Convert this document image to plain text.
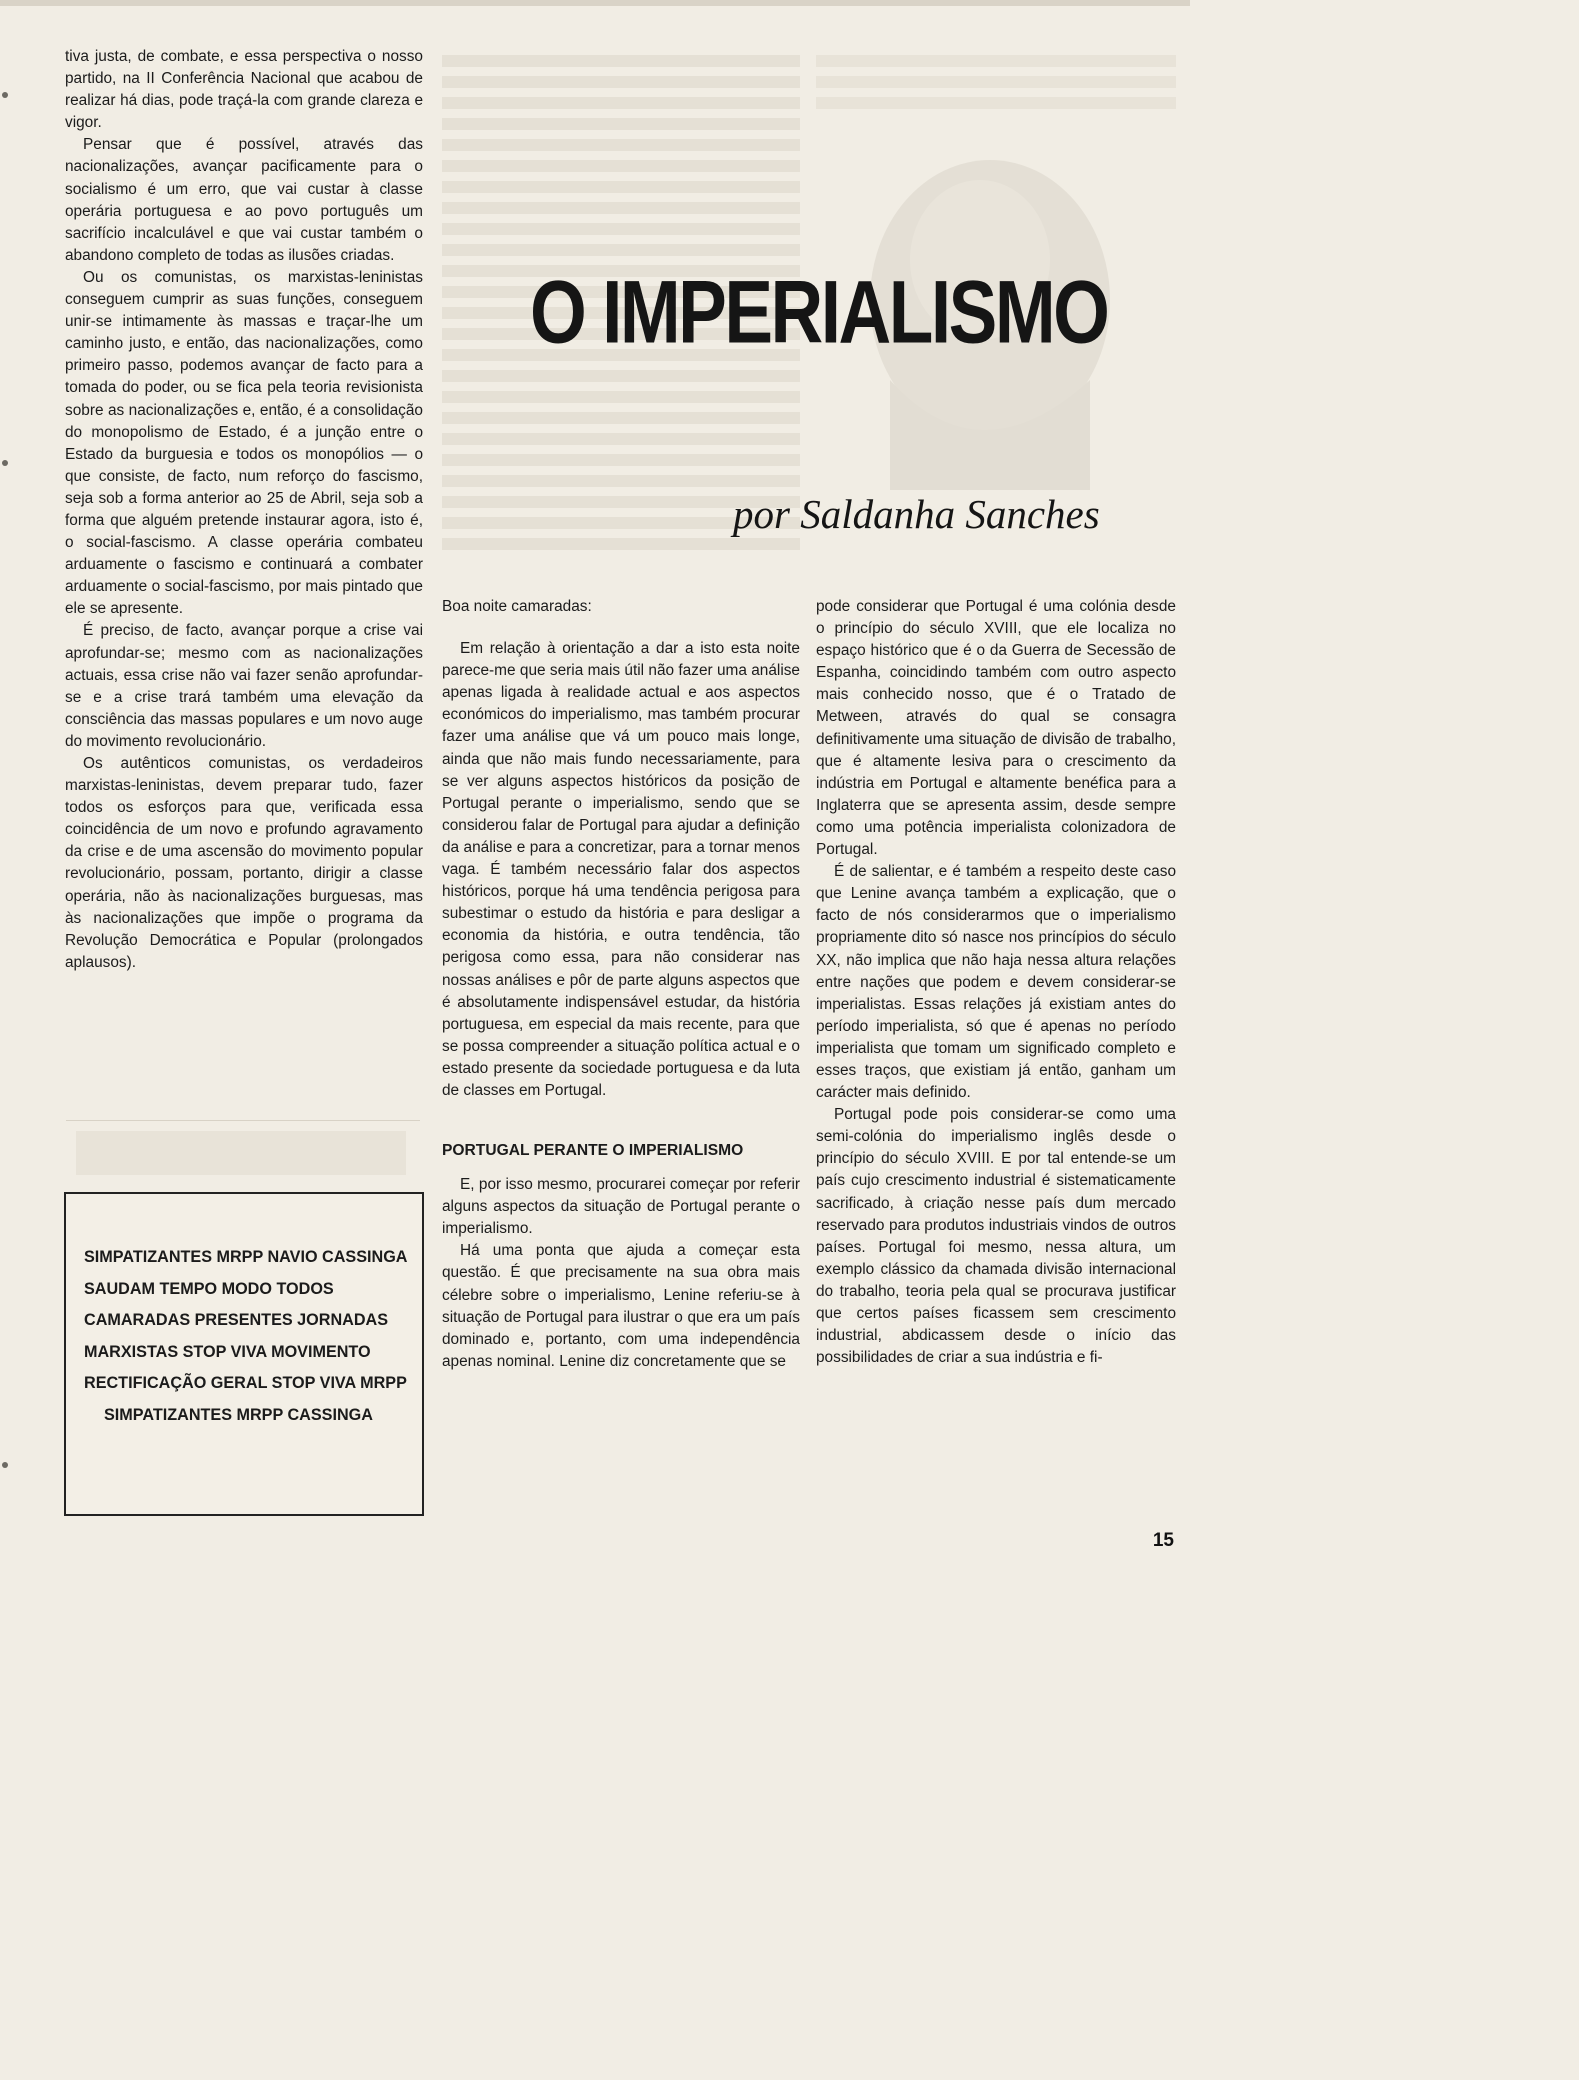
tiva justa, de combate, e essa perspectiva o nosso partido, na II Conferência Nacional que acabou de realizar há dias, pode traçá-la com grande clareza e vigor.

Pensar que é possível, através das nacionalizações, avançar pacificamente para o socialismo é um erro, que vai custar à classe operária portuguesa e ao povo português um sacrifício incalculável e que vai custar também o abandono completo de todas as ilusões criadas.

Ou os comunistas, os marxistas-leninistas conseguem cumprir as suas funções, conseguem unir-se intimamente às massas e traçar-lhe um caminho justo, e então, das nacionalizações, como primeiro passo, podemos avançar de facto para a tomada do poder, ou se fica pela teoria revisionista sobre as nacionalizações e, então, é a consolidação do monopolismo de Estado, é a junção entre o Estado da burguesia e todos os monopólios — o que consiste, de facto, num reforço do fascismo, seja sob a forma anterior ao 25 de Abril, seja sob a forma que alguém pretende instaurar agora, isto é, o social-fascismo. A classe operária combateu arduamente o fascismo e continuará a combater arduamente o social-fascismo, por mais pintado que ele se apresente.

É preciso, de facto, avançar porque a crise vai aprofundar-se; mesmo com as nacionalizações actuais, essa crise não vai fazer senão aprofundar-se e a crise trará também uma elevação da consciência das massas populares e um novo auge do movimento revolucionário.

Os autênticos comunistas, os verdadeiros marxistas-leninistas, devem preparar tudo, fazer todos os esforços para que, verificada essa coincidência de um novo e profundo agravamento da crise e de uma ascensão do movimento popular revolucionário, possam, portanto, dirigir a classe operária, não às nacionalizações burguesas, mas às nacionalizações que impõe o programa da Revolução Democrática e Popular (prolongados aplausos).

SIMPATIZANTES MRPP NAVIO CASSINGA SAUDAM TEMPO MODO TODOS CAMARADAS PRESENTES JORNADAS MARXISTAS STOP VIVA MOVIMENTO RECTIFICAÇÃO GERAL STOP VIVA MRPP
SIMPATIZANTES MRPP CASSINGA

O IMPERIALISMO

por Saldanha Sanches

Boa noite camaradas:

Em relação à orientação a dar a isto esta noite parece-me que seria mais útil não fazer uma análise apenas ligada à realidade actual e aos aspectos económicos do imperialismo, mas também procurar fazer uma análise que vá um pouco mais longe, ainda que não mais fundo necessariamente, para se ver alguns aspectos históricos da posição de Portugal perante o imperialismo, sendo que se considerou falar de Portugal para ajudar a definição da análise e para a concretizar, para a tornar menos vaga. É também necessário falar dos aspectos históricos, porque há uma tendência perigosa para subestimar o estudo da história e para desligar a economia da história, e outra tendência, tão perigosa como essa, para não considerar nas nossas análises e pôr de parte alguns aspectos que é absolutamente indispensável estudar, da história portuguesa, em especial da mais recente, para que se possa compreender a situação política actual e o estado presente da sociedade portuguesa e da luta de classes em Portugal.

PORTUGAL PERANTE O IMPERIALISMO

E, por isso mesmo, procurarei começar por referir alguns aspectos da situação de Portugal perante o imperialismo.

Há uma ponta que ajuda a começar esta questão. É que precisamente na sua obra mais célebre sobre o imperialismo, Lenine referiu-se à situação de Portugal para ilustrar o que era um país dominado e, portanto, com uma independência apenas nominal. Lenine diz concretamente que se

pode considerar que Portugal é uma colónia desde o princípio do século XVIII, que ele localiza no espaço histórico que é o da Guerra de Secessão de Espanha, coincidindo também com outro aspecto mais conhecido nosso, que é o Tratado de Metween, através do qual se consagra definitivamente uma situação de divisão de trabalho, que é altamente lesiva para o crescimento da indústria em Portugal e altamente benéfica para a Inglaterra que se apresenta assim, desde sempre como uma potência imperialista colonizadora de Portugal.

É de salientar, e é também a respeito deste caso que Lenine avança também a explicação, que o facto de nós considerarmos que o imperialismo propriamente dito só nasce nos princípios do século XX, não implica que não haja nessa altura relações entre nações que podem e devem considerar-se imperialistas. Essas relações já existiam antes do período imperialista, só que é apenas no período imperialista que tomam um significado completo e esses traços, que existiam já então, ganham um carácter mais definido.

Portugal pode pois considerar-se como uma semi-colónia do imperialismo inglês desde o princípio do século XVIII. E por tal entende-se um país cujo crescimento industrial é sistematicamente sacrificado, à criação nesse país dum mercado reservado para produtos industriais vindos de outros países. Portugal foi mesmo, nessa altura, um exemplo clássico da chamada divisão internacional do trabalho, teoria pela qual se procurava justificar que certos países ficassem sem crescimento industrial, abdicassem desde o início das possibilidades de criar a sua indústria e fi-

15
